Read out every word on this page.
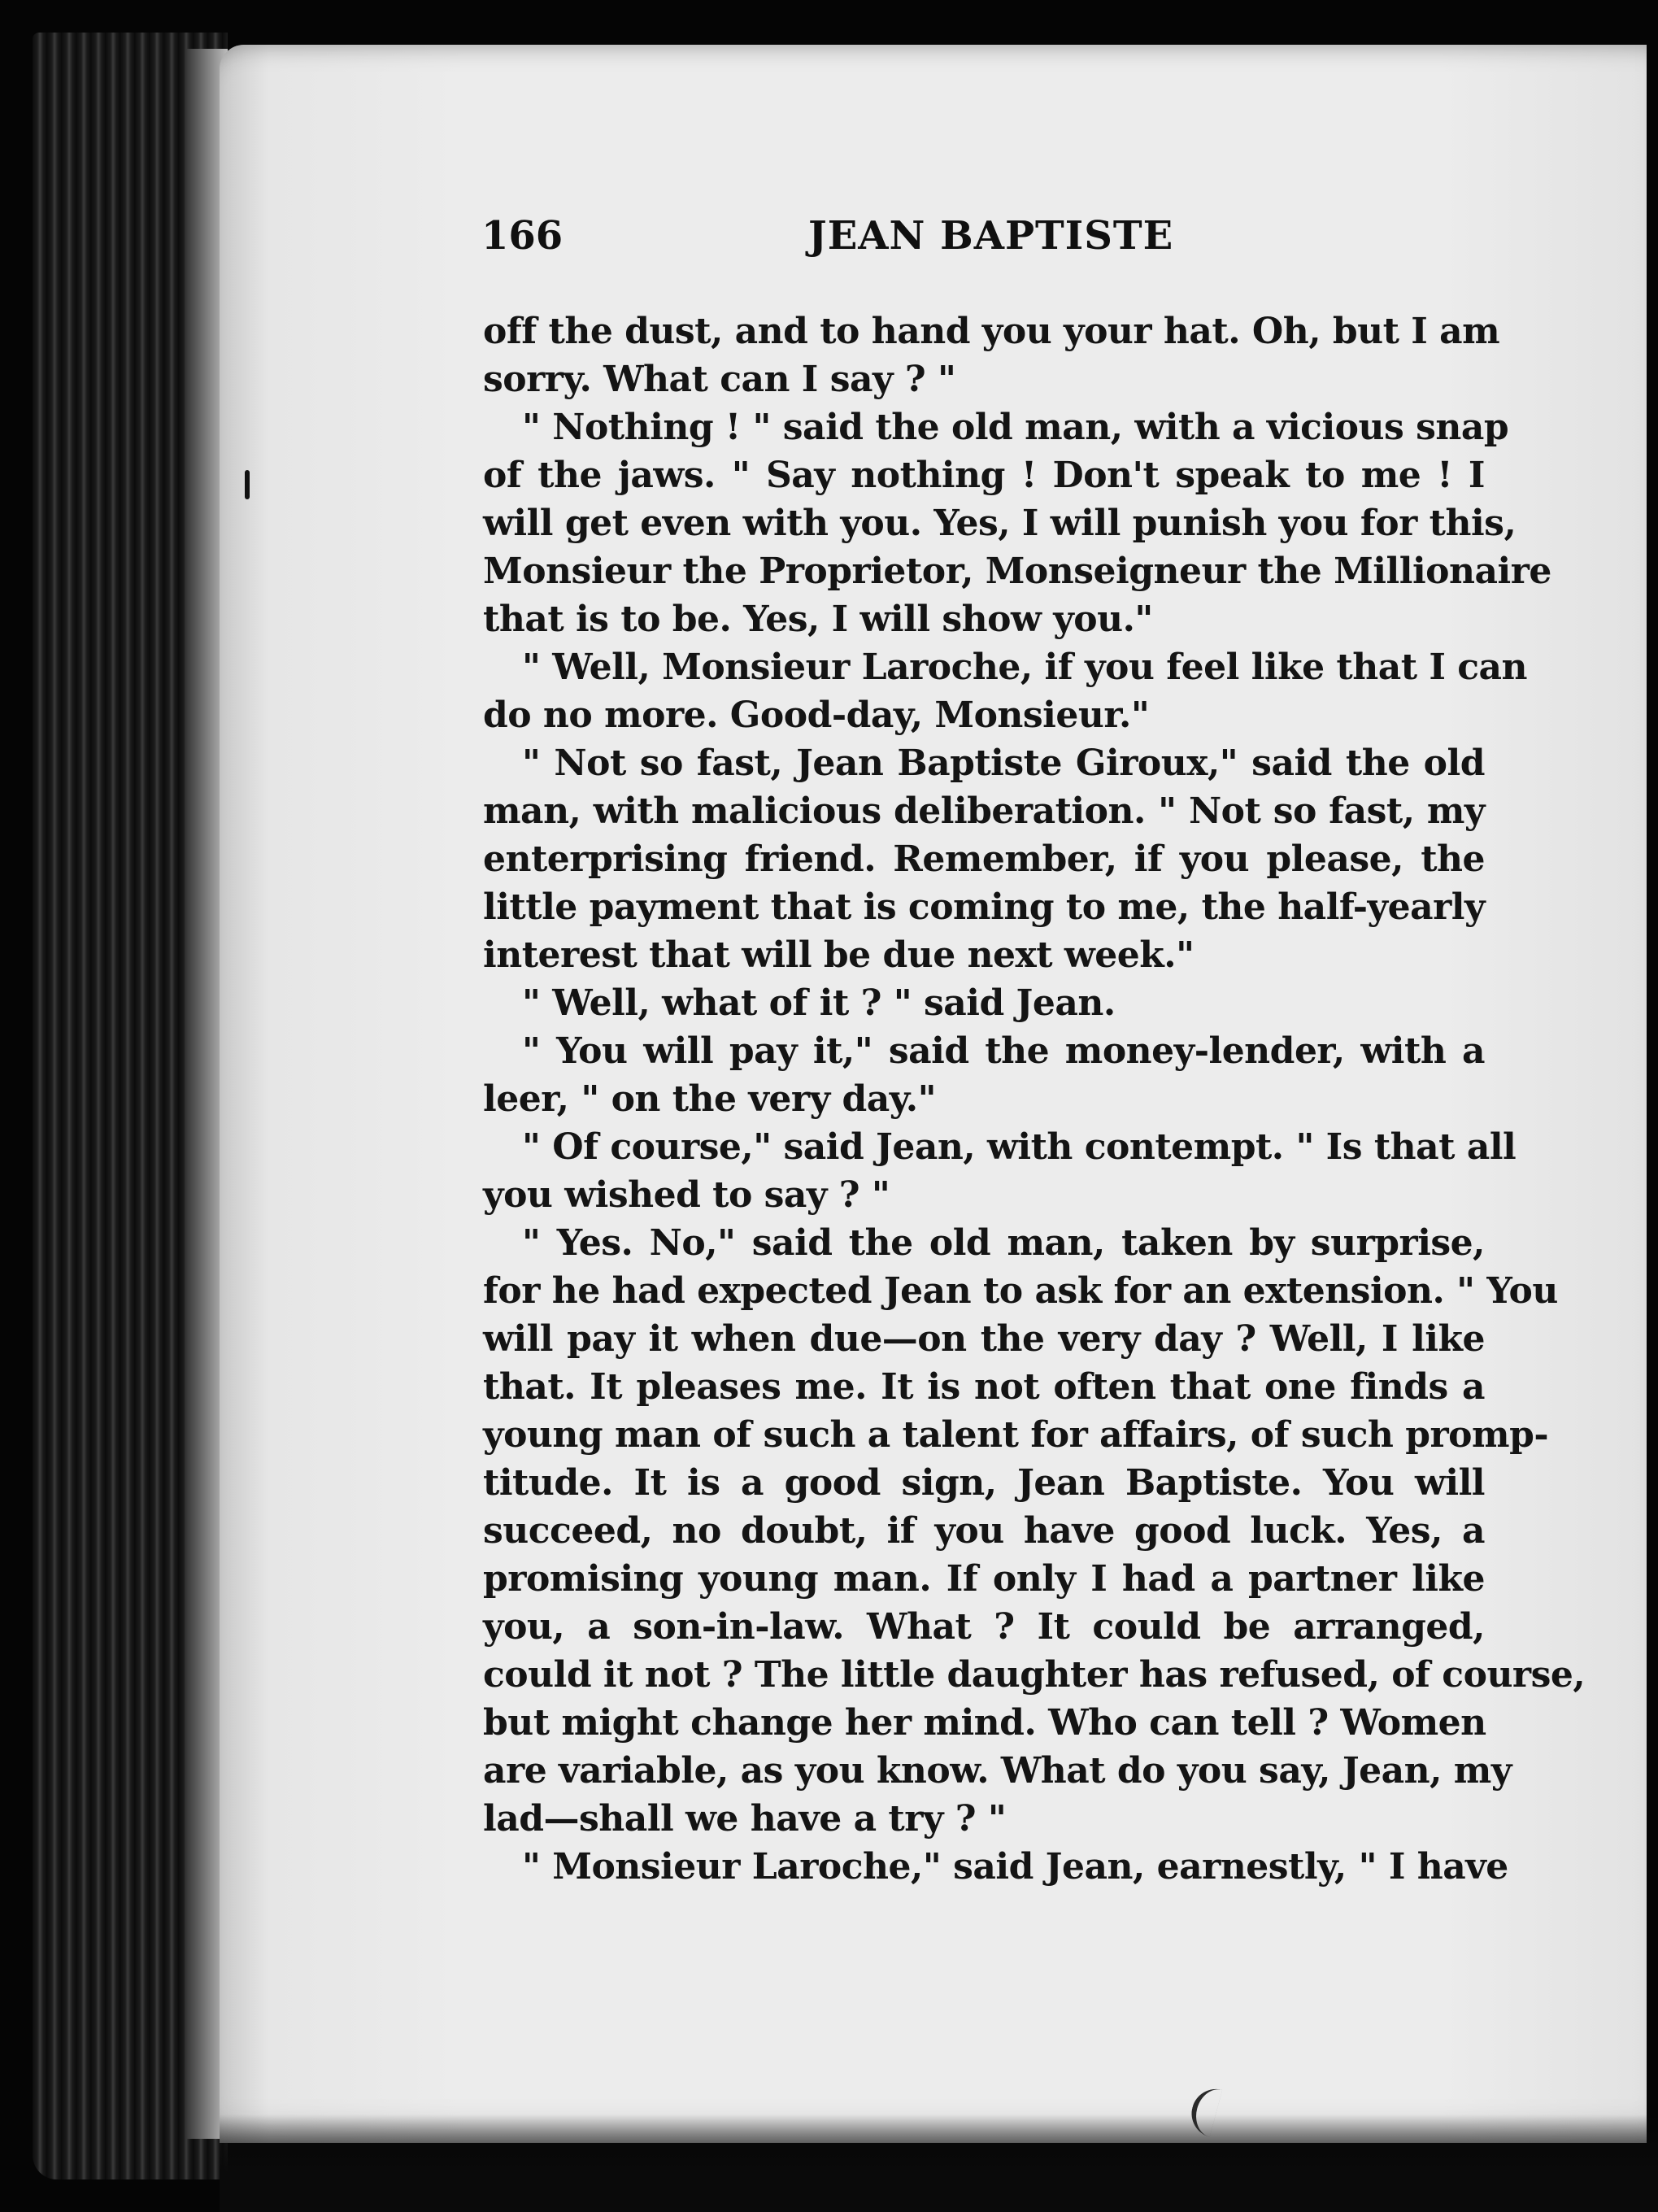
166	JEAN BAPTISTE
off the dust, and to hand you your hat. Oh, but I am
sorry. What can I say ? "
" Nothing ! " said the old man, with a vicious snap
of the jaws. " Say nothing ! Don't speak to me ! I
will get even with you. Yes, I will punish you for this,
Monsieur the Proprietor, Monseigneur the Millionaire
that is to be. Yes, I will show you."
" Well, Monsieur Laroche, if you feel like that I can
do no more. Good-day, Monsieur."
" Not so fast, Jean Baptiste Giroux," said the old
man, with malicious deliberation. " Not so fast, my
enterprising friend. Remember, if you please, the
little payment that is coming to me, the half-yearly
interest that will be due next week."
" Well, what of it ? " said Jean.
" You will pay it," said the money-lender, with a
leer, " on the very day."
" Of course," said Jean, with contempt. " Is that all
you wished to say ? "
" Yes. No," said the old man, taken by surprise,
for he had expected Jean to ask for an extension. " You
will pay it when due—on the very day ? Well, I like
that. It pleases me. It is not often that one finds a
young man of such a talent for affairs, of such promp-
titude. It is a good sign, Jean Baptiste. You will
succeed, no doubt, if you have good luck. Yes, a
promising young man. If only I had a partner like
you, a son-in-law. What ? It could be arranged,
could it not ? The little daughter has refused, of course,
but might change her mind. Who can tell ? Women
are variable, as you know. What do you say, Jean, my
lad—shall we have a try ? "
" Monsieur Laroche," said Jean, earnestly, " I have
